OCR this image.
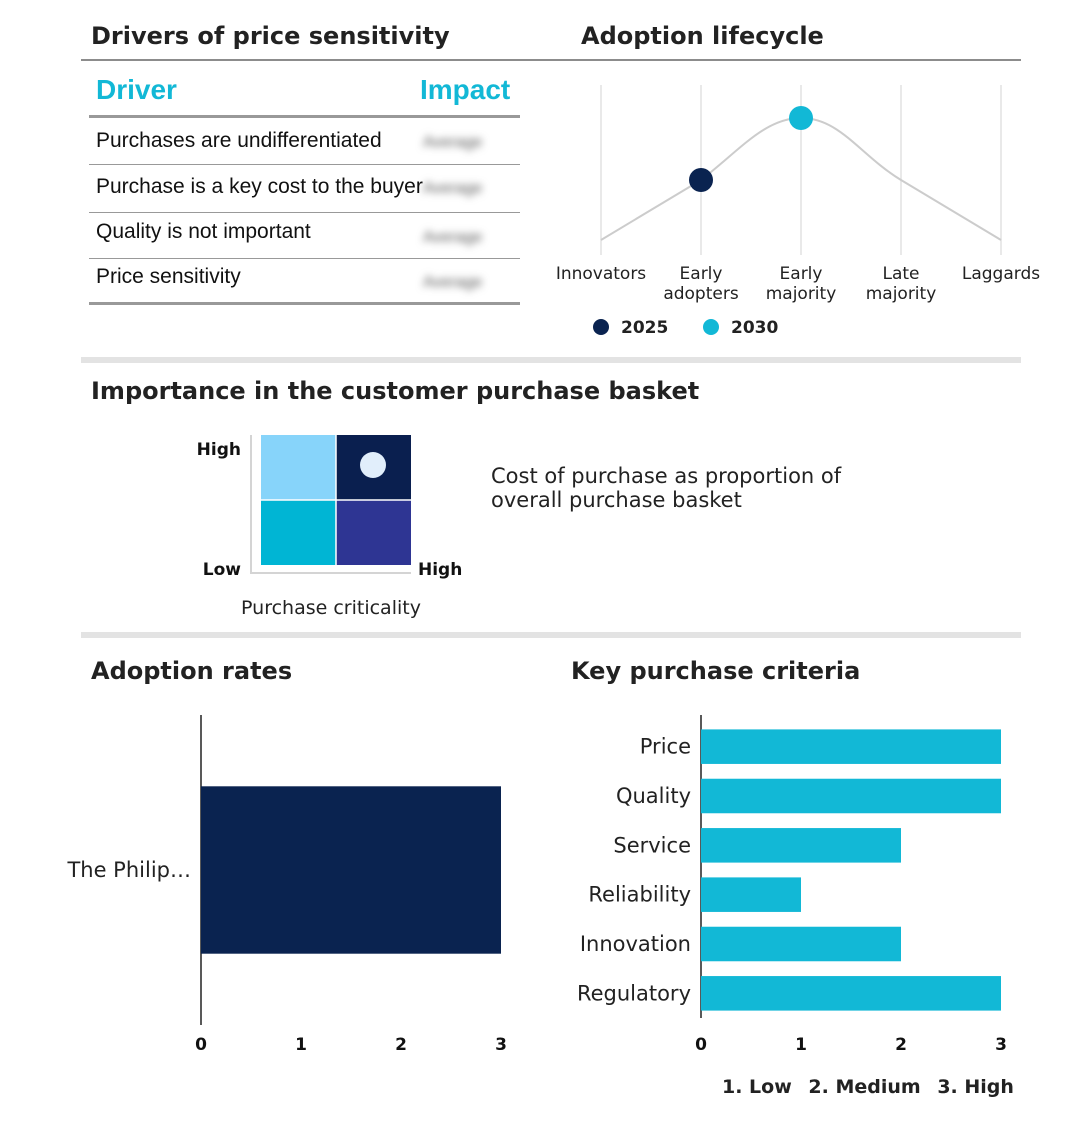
Drivers of price sensitivity	Adoption lifecycle
Driver	Impact
Purchases are undifferentiated	Average
Purchase is a key cost to the buyer Average
Quality is not important	Average
Price sensitivity	Average	Innovators	Early adopters
Early majority
Late majority
Laggards
2025	2030
Importance in the customer purchase basket
High
Low	High
Purchase criticality
Cost of purchase as proportion of overall purchase basket
Adoption rates	Key purchase criteria
The Philip…
0	1	2	3
Price
Quality
Service
Reliability
Innovation
Regulatory
0	1	2	3
1. Low 2. Medium 3. High
